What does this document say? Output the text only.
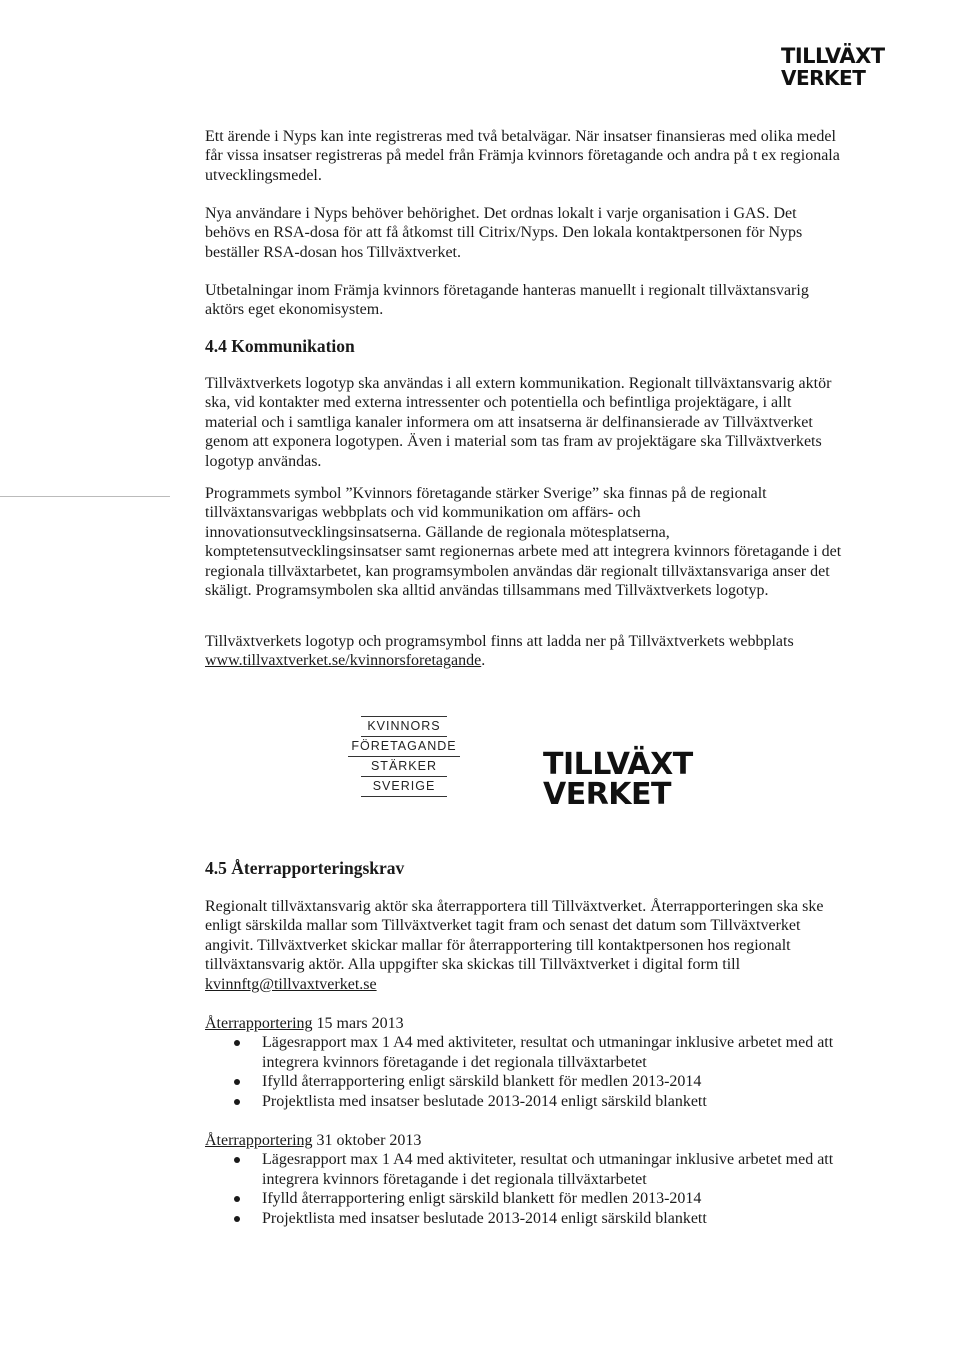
TILLVÄXT
VERKET

Ett ärende i Nyps kan inte registreras med två betalvägar. När insatser finansieras med olika medel får vissa insatser registreras på medel från Främja kvinnors företagande och andra på t ex regionala utvecklingsmedel.

Nya användare i Nyps behöver behörighet. Det ordnas lokalt i varje organisation i GAS. Det behövs en RSA-dosa för att få åtkomst till Citrix/Nyps. Den lokala kontaktpersonen för Nyps beställer RSA-dosan hos Tillväxtverket.

Utbetalningar inom Främja kvinnors företagande hanteras manuellt i regionalt tillväxtansvarig aktörs eget ekonomisystem.

4.4 Kommunikation

Tillväxtverkets logotyp ska användas i all extern kommunikation. Regionalt tillväxtansvarig aktör ska, vid kontakter med externa intressenter och potentiella och befintliga projektägare, i allt material och i samtliga kanaler informera om att insatserna är delfinansierade av Tillväxtverket genom att exponera logotypen. Även i material som tas fram av projektägare ska Tillväxtverkets logotyp användas.

Programmets symbol ”Kvinnors företagande stärker Sverige” ska finnas på de regionalt tillväxtansvarigas webbplats och vid kommunikation om affärs- och innovationsutvecklingsinsatserna. Gällande de regionala mötesplatserna, komptetensutvecklingsinsatser samt regionernas arbete med att integrera kvinnors företagande i det regionala tillväxtarbetet, kan programsymbolen användas där regionalt tillväxtansvariga anser det skäligt. Programsymbolen ska alltid användas tillsammans med Tillväxtverkets logotyp.

Tillväxtverkets logotyp och programsymbol finns att ladda ner på Tillväxtverkets webbplats www.tillvaxtverket.se/kvinnorsforetagande.

KVINNORS
FÖRETAGANDE
STÄRKER
SVERIGE
TILLVÄXT
VERKET
4.5 Återrapporteringskrav

Regionalt tillväxtansvarig aktör ska återrapportera till Tillväxtverket. Återrapporteringen ska ske enligt särskilda mallar som Tillväxtverket tagit fram och senast det datum som Tillväxtverket angivit. Tillväxtverket skickar mallar för återrapportering till kontaktpersonen hos regionalt tillväxtansvarig aktör. Alla uppgifter ska skickas till Tillväxtverket i digital form till kvinnftg@tillvaxtverket.se

Återrapportering 15 mars 2013

Lägesrapport max 1 A4 med aktiviteter, resultat och utmaningar inklusive arbetet med att integrera kvinnors företagande i det regionala tillväxtarbetet
Ifylld återrapportering enligt särskild blankett för medlen 2013-2014
Projektlista med insatser beslutade 2013-2014 enligt särskild blankett

Återrapportering 31 oktober 2013

Lägesrapport max 1 A4 med aktiviteter, resultat och utmaningar inklusive arbetet med att integrera kvinnors företagande i det regionala tillväxtarbetet
Ifylld återrapportering enligt särskild blankett för medlen 2013-2014
Projektlista med insatser beslutade 2013-2014 enligt särskild blankett
